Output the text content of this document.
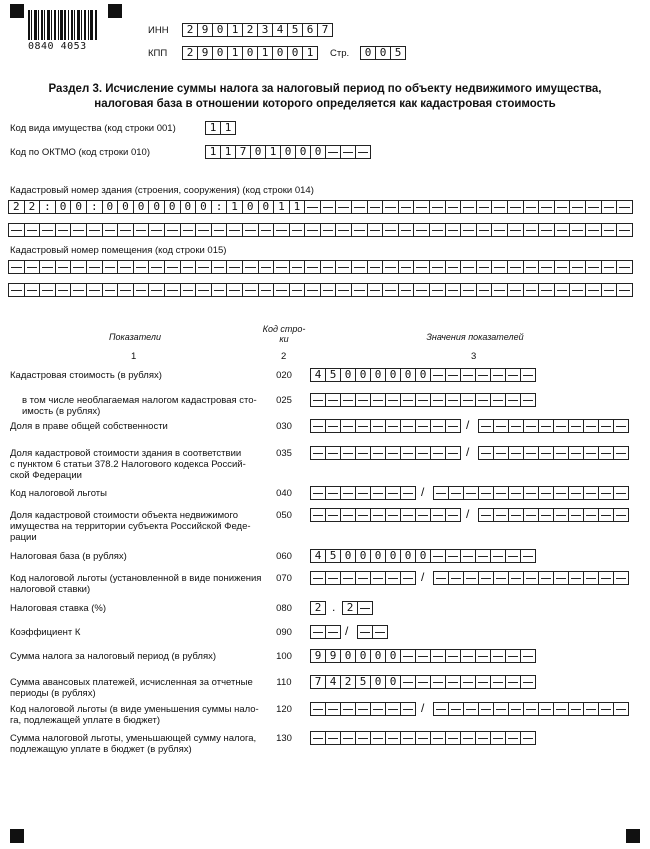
0840 4053
ИНН	2 9 0 1 2 3 4 5 6 7
КПП	2 9 0 1 0 1 0 0 1	Стр.	0 0 5
Раздел 3. Исчисление суммы налога за налоговый период по объекту недвижимого имущества,
налоговая база в отношении которого определяется как кадастровая стоимость
Код вида имущества (код строки 001)	1 1
Код по ОКТМО (код строки 010)	1 1 7 0 1 0 0 0
Кадастровый номер здания (строения, сооружения) (код строки 014)
2 2 : 0 0 : 0 0 0 0 0 0 0 : 1 0 0 1 1
Кадастровый номер помещения (код строки 015)
Показатели
Код стро-
ки	Значения показателей
1	2	3
Кадастровая стоимость (в рублях)	020	4 5 0 0 0 0 0 0
в том числе необлагаемая налогом кадастровая сто-
имость (в рублях)
025
Доля в праве общей собственности	030	/
Доля кадастровой стоимости здания в соответствии
с пунктом 6 статьи 378.2 Налогового кодекса Россий-
ской Федерации
035	/
Код налоговой льготы	040	/
Доля кадастровой стоимости объекта недвижимого
имущества на территории субъекта Российской Феде-
рации
050	/
Налоговая база (в рублях)	060	4 5 0 0 0 0 0 0
Код налоговой льготы (установленной в виде понижения
налоговой ставки)
070	/
Налоговая ставка (%)	080	2 .	2
Коэффициент К	090	/
Сумма налога за налоговый период (в рублях)	100	9 9 0 0 0 0
Сумма авансовых платежей, исчисленная за отчетные
периоды (в рублях)
110	7 4 2 5 0 0
Код налоговой льготы (в виде уменьшения суммы нало-
га, подлежащей уплате в бюджет)
120	/
Сумма налоговой льготы, уменьшающей сумму налога,
подлежащую уплате в бюджет (в рублях)
130
